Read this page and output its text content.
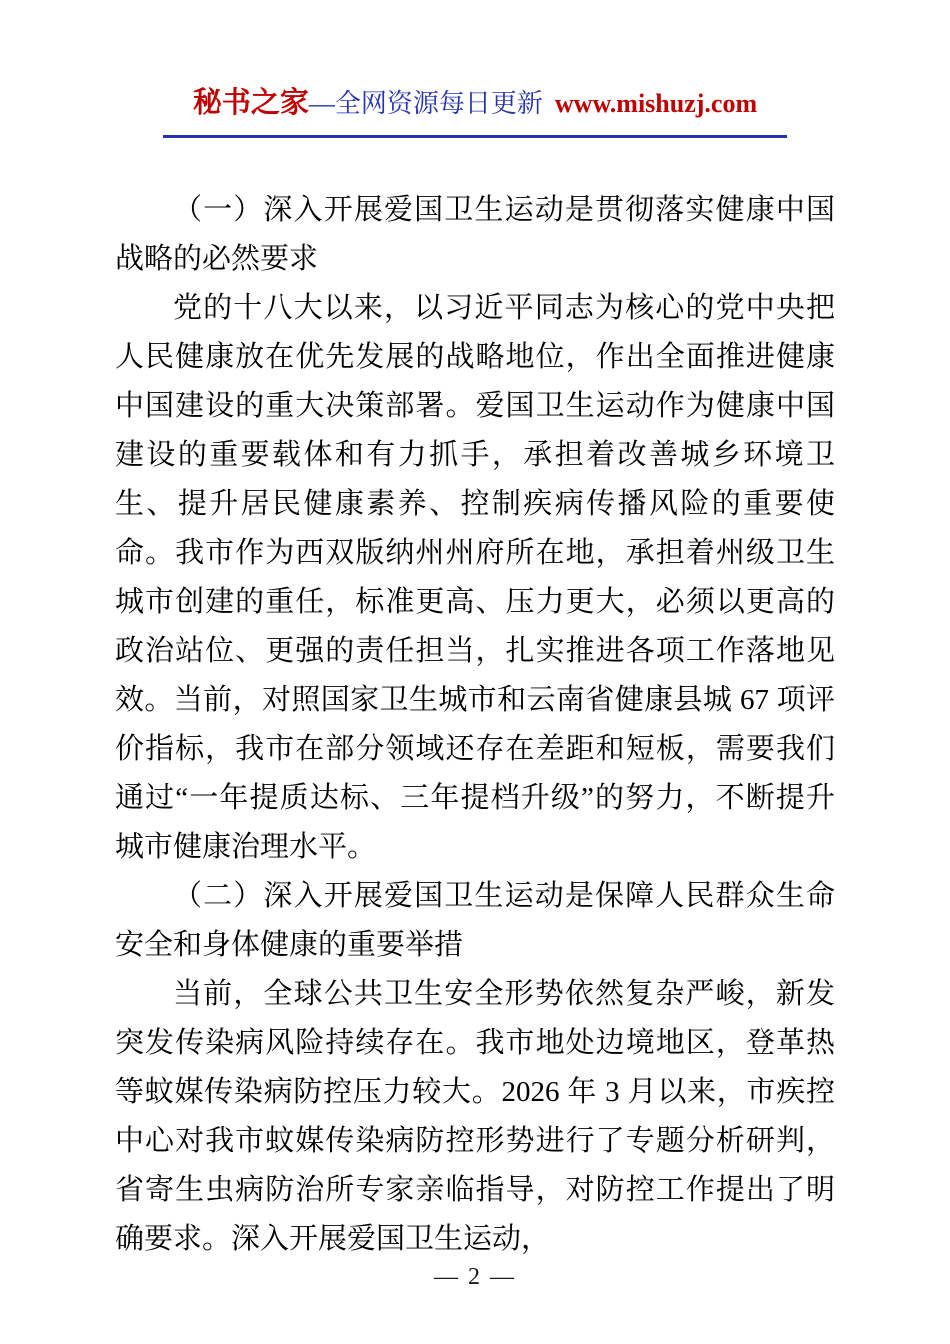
秘书之家—全网资源每日更新 www.mishuzj.com

（一）深入开展爱国卫生运动是贯彻落实健康中国战略的必然要求

党的十八大以来，以习近平同志为核心的党中央把人民健康放在优先发展的战略地位，作出全面推进健康中国建设的重大决策部署。爱国卫生运动作为健康中国建设的重要载体和有力抓手，承担着改善城乡环境卫生、提升居民健康素养、控制疾病传播风险的重要使命。我市作为西双版纳州州府所在地，承担着州级卫生城市创建的重任，标准更高、压力更大，必须以更高的政治站位、更强的责任担当，扎实推进各项工作落地见效。当前，对照国家卫生城市和云南省健康县城 67 项评价指标，我市在部分领域还存在差距和短板，需要我们通过“一年提质达标、三年提档升级”的努力，不断提升城市健康治理水平。

（二）深入开展爱国卫生运动是保障人民群众生命安全和身体健康的重要举措

当前，全球公共卫生安全形势依然复杂严峻，新发突发传染病风险持续存在。我市地处边境地区，登革热等蚊媒传染病防控压力较大。2026 年 3 月以来，市疾控中心对我市蚊媒传染病防控形势进行了专题分析研判，省寄生虫病防治所专家亲临指导，对防控工作提出了明确要求。深入开展爱国卫生运动，

— 2 —
